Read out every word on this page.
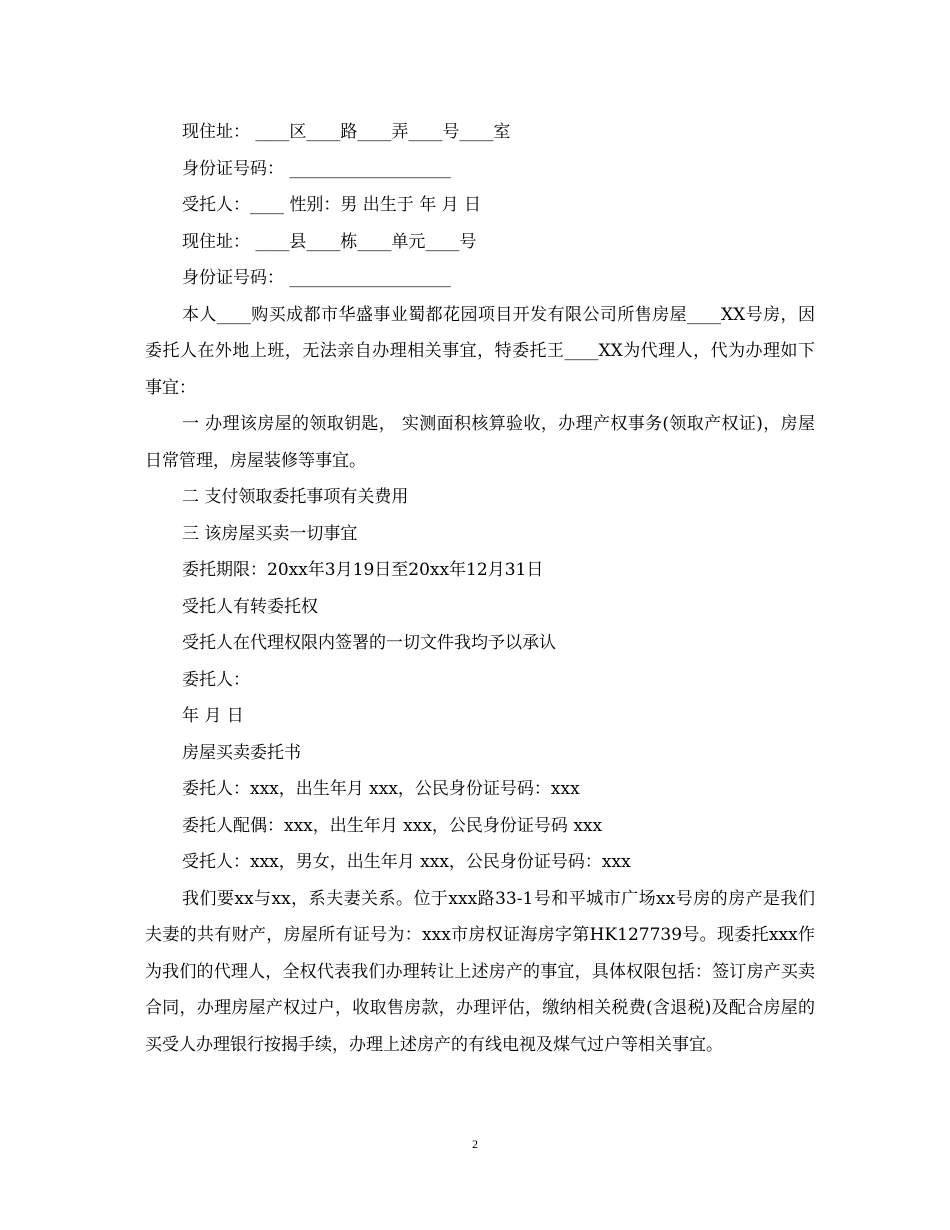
现住址： ____区____路____弄____号____室
身份证号码： ___________________
受托人：____ 性别：男 出生于 年 月 日
现住址： ____县____栋____单元____号
身份证号码： ___________________
本人____购买成都市华盛事业蜀都花园项目开发有限公司所售房屋____XX号房，因委托人在外地上班，无法亲自办理相关事宜，特委托王____XX为代理人，代为办理如下事宜：
一 办理该房屋的领取钥匙， 实测面积核算验收，办理产权事务(领取产权证)，房屋日常管理，房屋装修等事宜。
二 支付领取委托事项有关费用
三 该房屋买卖一切事宜
委托期限：20xx年3月19日至20xx年12月31日
受托人有转委托权
受托人在代理权限内签署的一切文件我均予以承认
委托人：
年 月 日
房屋买卖委托书
委托人：xxx，出生年月 xxx，公民身份证号码：xxx
委托人配偶：xxx，出生年月 xxx，公民身份证号码 xxx
受托人：xxx，男女，出生年月 xxx，公民身份证号码：xxx
我们要xx与xx，系夫妻关系。位于xxx路33-1号和平城市广场xx号房的房产是我们夫妻的共有财产，房屋所有证号为：xxx市房权证海房字第HK127739号。现委托xxx作为我们的代理人，全权代表我们办理转让上述房产的事宜，具体权限包括：签订房产买卖合同，办理房屋产权过户，收取售房款，办理评估，缴纳相关税费(含退税)及配合房屋的买受人办理银行按揭手续，办理上述房产的有线电视及煤气过户等相关事宜。
2
